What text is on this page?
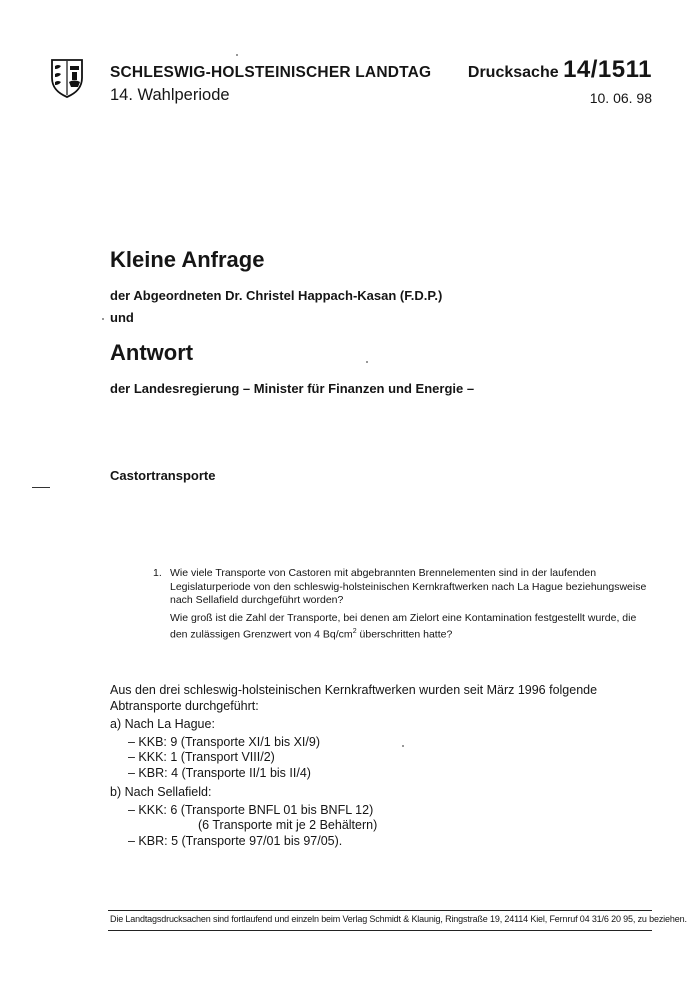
SCHLESWIG-HOLSTEINISCHER LANDTAG
14. Wahlperiode
Drucksache 14/1511
10. 06. 98
Kleine Anfrage
der Abgeordneten Dr. Christel Happach-Kasan (F.D.P.)
und
Antwort
der Landesregierung – Minister für Finanzen und Energie –
Castortransporte
1. Wie viele Transporte von Castoren mit abgebrannten Brennelementen sind in der laufenden Legislaturperiode von den schleswig-holsteinischen Kernkraftwerken nach La Hague beziehungsweise nach Sellafield durchgeführt worden?

Wie groß ist die Zahl der Transporte, bei denen am Zielort eine Kontamination festgestellt wurde, die den zulässigen Grenzwert von 4 $Bq/cm^2$ überschritten hatte?

Aus den drei schleswig-holsteinischen Kernkraftwerken wurden seit März 1996 folgende Abtransporte durchgeführt:

a) Nach La Hague:

– KKB: 9 (Transporte XI/1 bis XI/9)
– KKK: 1 (Transport VIII/2)
– KBR: 4 (Transporte II/1 bis II/4)

b) Nach Sellafield:

– KKK: 6 (Transporte BNFL 01 bis BNFL 12)
(6 Transporte mit je 2 Behältern)
– KBR: 5 (Transporte 97/01 bis 97/05).
Die Landtagsdrucksachen sind fortlaufend und einzeln beim Verlag Schmidt & Klaunig, Ringstraße 19, 24114 Kiel, Fernruf 04 31/6 20 95, zu beziehen.
